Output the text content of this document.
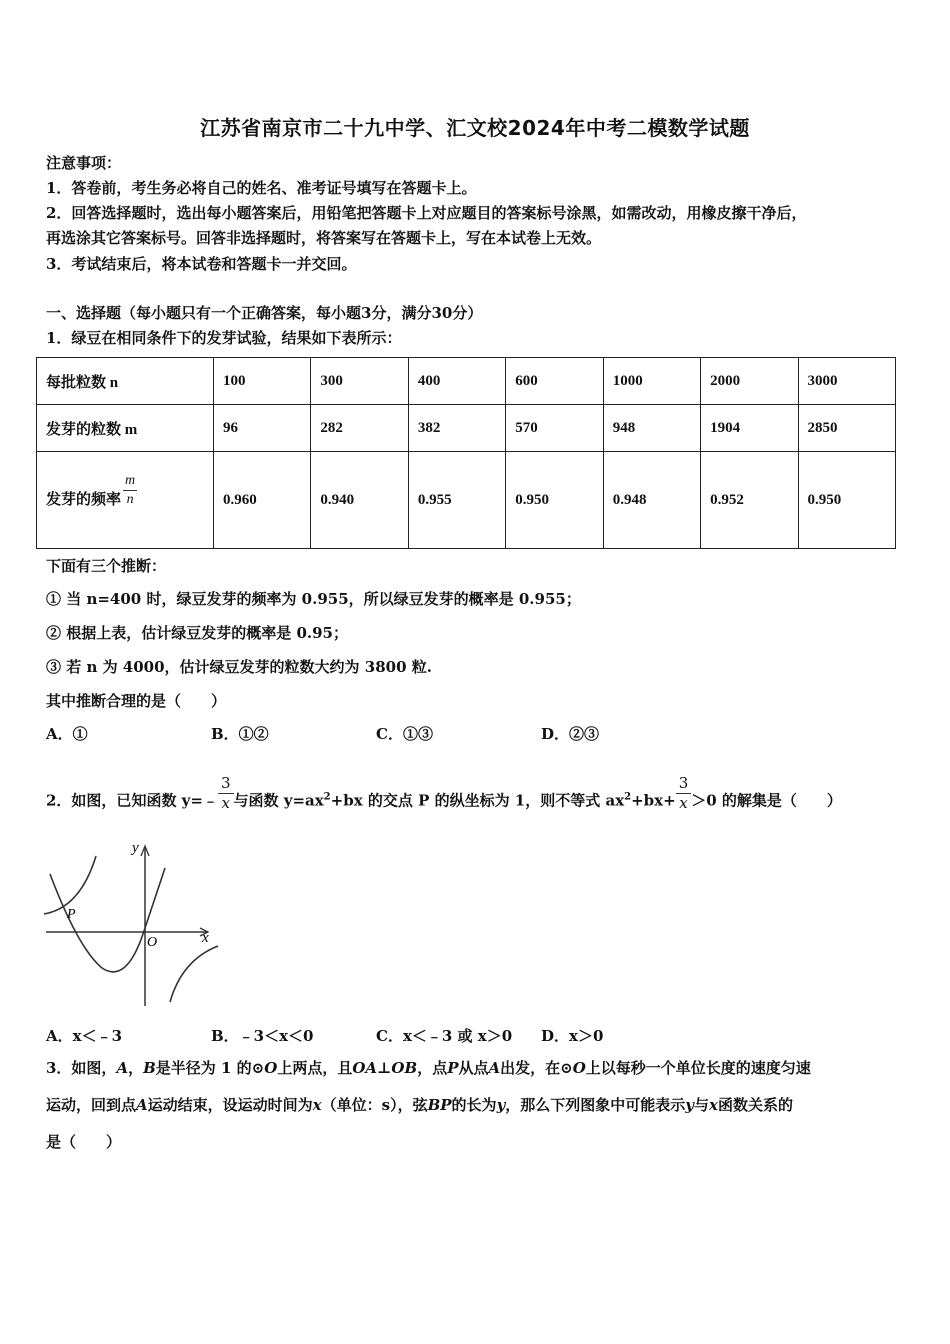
江苏省南京市二十九中学、汇文校2024年中考二模数学试题
注意事项：
1．答卷前，考生务必将自己的姓名、准考证号填写在答题卡上。
2．回答选择题时，选出每小题答案后，用铅笔把答题卡上对应题目的答案标号涂黑，如需改动，用橡皮擦干净后，
再选涂其它答案标号。回答非选择题时，将答案写在答题卡上，写在本试卷上无效。
3．考试结束后，将本试卷和答题卡一并交回。
一、选择题（每小题只有一个正确答案，每小题3分，满分30分）
1．绿豆在相同条件下的发芽试验，结果如下表所示：
每批粒数 n	100	300	400	600	1000	2000	3000
发芽的粒数 m	96	282	382	570	948	1904	2850
发芽的频率 $\frac{m}{n}$	0.960	0.940	0.955	0.950	0.948	0.952	0.950
下面有三个推断：
① 当 n=400 时，绿豆发芽的频率为 0.955，所以绿豆发芽的概率是 0.955；
② 根据上表，估计绿豆发芽的概率是 0.95；
③ 若 n 为 4000，估计绿豆发芽的粒数大约为 3800 粒.
其中推断合理的是（　　）
A．①	B．①②	C．①③	D．②③
2．如图，已知函数 y=﹣ $\frac{3}{x}$ 与函数 $y=ax^2+bx$ 的交点 P 的纵坐标为 1，则不等式 $ax^2+bx+ \frac{3}{x} >0$ 的解集是（　　）
y
x
O
P
A．x＜﹣3	B．﹣3＜x＜0	C．x＜﹣3 或 x＞0 D．x＞0
3．如图，A，B是半径为 1 的⊙O上两点，且OA⊥OB，点P从点A出发，在⊙O上以每秒一个单位长度的速度匀速
运动，回到点A运动结束，设运动时间为x（单位：s），弦BP的长为y，那么下列图象中可能表示y与x函数关系的
是（　　）
